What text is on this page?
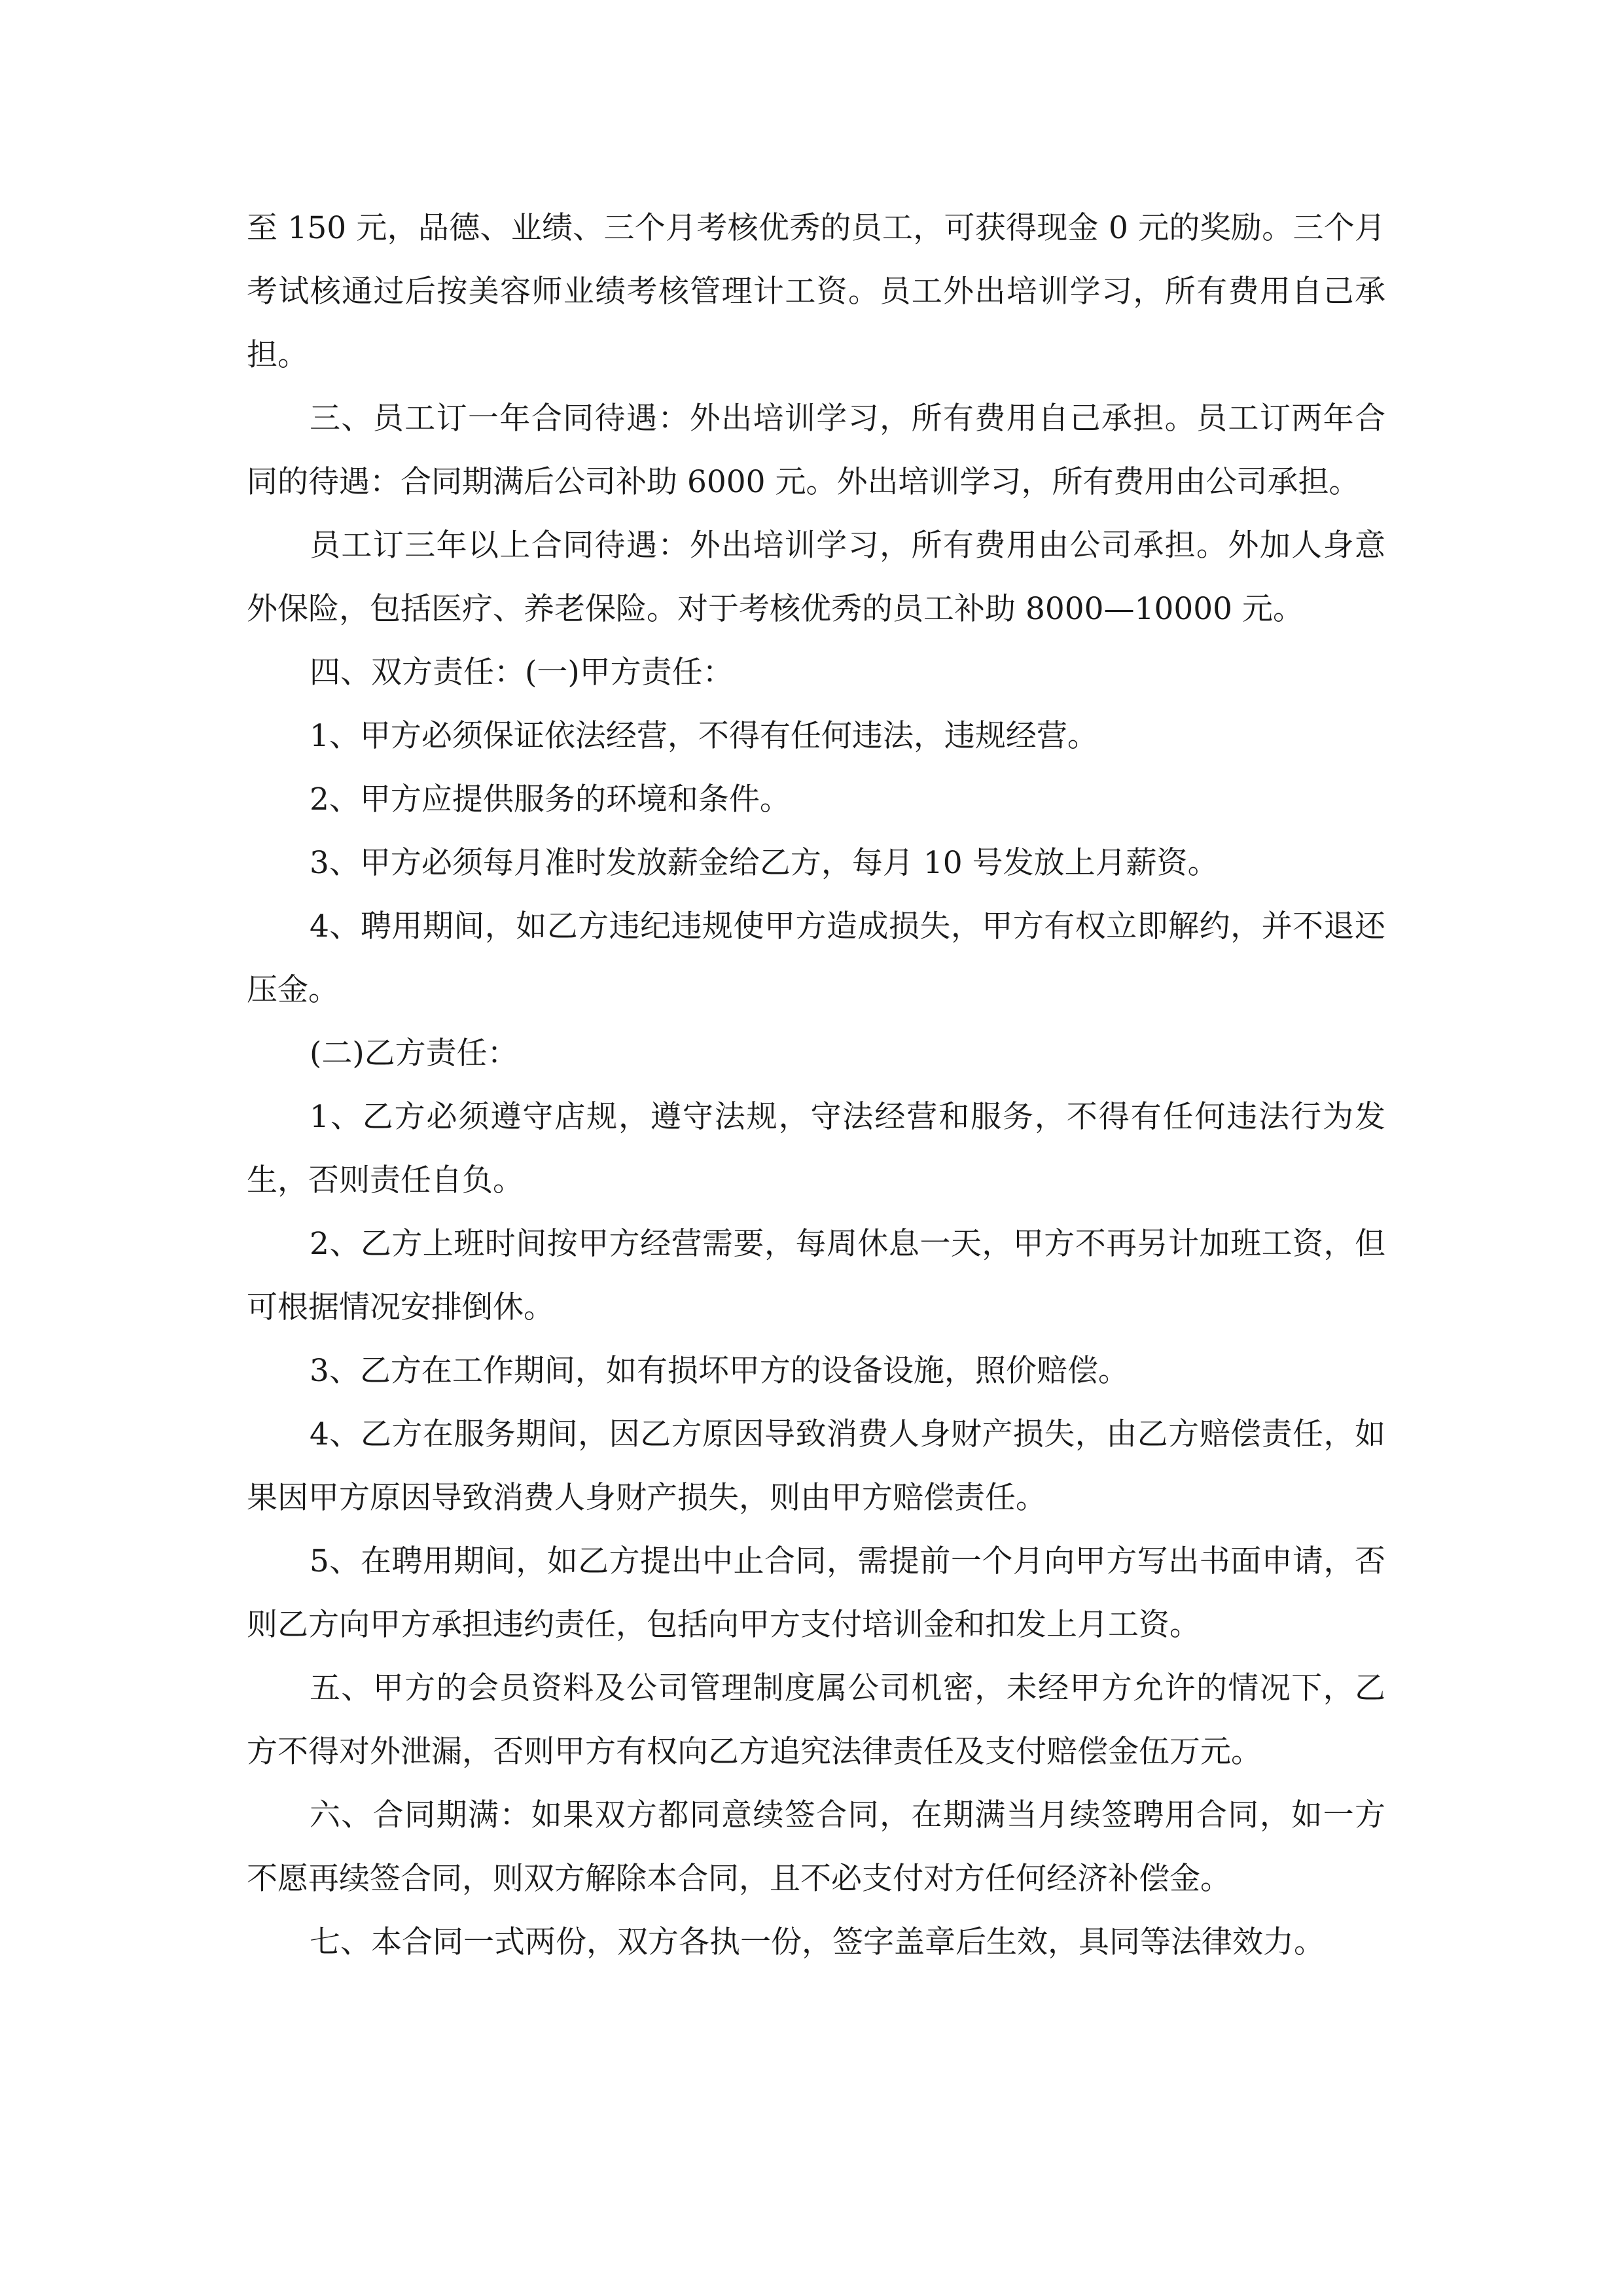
至 150 元，品德、业绩、三个月考核优秀的员工，可获得现金 0 元的奖励。三个月考试核通过后按美容师业绩考核管理计工资。员工外出培训学习，所有费用自己承担。

三、员工订一年合同待遇：外出培训学习，所有费用自己承担。员工订两年合同的待遇：合同期满后公司补助 6000 元。外出培训学习，所有费用由公司承担。

员工订三年以上合同待遇：外出培训学习，所有费用由公司承担。外加人身意外保险，包括医疗、养老保险。对于考核优秀的员工补助 8000—10000 元。

四、双方责任：(一)甲方责任：

1、甲方必须保证依法经营，不得有任何违法，违规经营。

2、甲方应提供服务的环境和条件。

3、甲方必须每月准时发放薪金给乙方，每月 10 号发放上月薪资。

4、聘用期间，如乙方违纪违规使甲方造成损失，甲方有权立即解约，并不退还压金。

(二)乙方责任：

1、乙方必须遵守店规，遵守法规，守法经营和服务，不得有任何违法行为发生，否则责任自负。

2、乙方上班时间按甲方经营需要，每周休息一天，甲方不再另计加班工资，但可根据情况安排倒休。

3、乙方在工作期间，如有损坏甲方的设备设施，照价赔偿。

4、乙方在服务期间，因乙方原因导致消费人身财产损失，由乙方赔偿责任，如果因甲方原因导致消费人身财产损失，则由甲方赔偿责任。

5、在聘用期间，如乙方提出中止合同，需提前一个月向甲方写出书面申请，否则乙方向甲方承担违约责任，包括向甲方支付培训金和扣发上月工资。

五、甲方的会员资料及公司管理制度属公司机密，未经甲方允许的情况下，乙方不得对外泄漏，否则甲方有权向乙方追究法律责任及支付赔偿金伍万元。

六、合同期满：如果双方都同意续签合同，在期满当月续签聘用合同，如一方不愿再续签合同，则双方解除本合同，且不必支付对方任何经济补偿金。

七、本合同一式两份，双方各执一份，签字盖章后生效，具同等法律效力。
